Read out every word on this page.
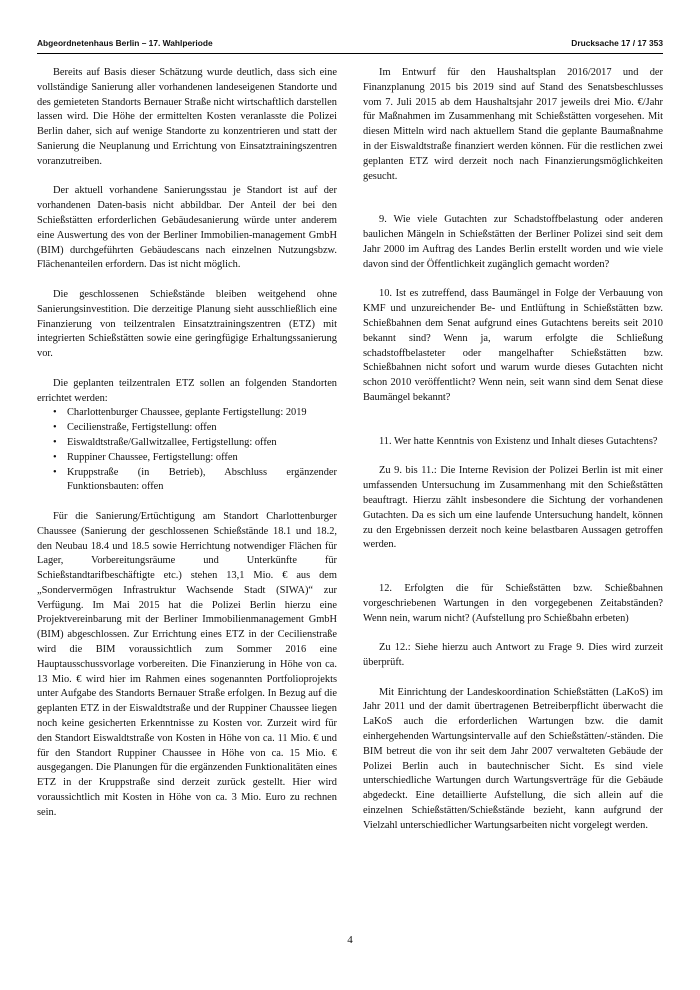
Abgeordnetenhaus Berlin – 17. Wahlperiode	Drucksache 17 / 17 353

Bereits auf Basis dieser Schätzung wurde deutlich, dass sich eine vollständige Sanierung aller vorhandenen landeseigenen Standorte und des gemieteten Standorts Bernauer Straße nicht wirtschaftlich darstellen lassen wird. Die Höhe der ermittelten Kosten veranlasste die Polizei Berlin daher, sich auf wenige Standorte zu konzentrieren und statt der Sanierung die Neuplanung und Errichtung von Einsatztrainingszentren voranzutreiben.

Der aktuell vorhandene Sanierungsstau je Standort ist auf der vorhandenen Daten-basis nicht abbildbar. Der Anteil der bei den Schießstätten erforderlichen Gebäudesanierung würde unter anderem eine Auswertung des von der Berliner Immobilien-management GmbH (BIM) durchgeführten Gebäudescans nach einzelnen Nutzungsbzw. Flächenanteilen erfordern. Das ist nicht möglich.

Die geschlossenen Schießstände bleiben weitgehend ohne Sanierungsinvestition. Die derzeitige Planung sieht ausschließlich eine Finanzierung von teilzentralen Einsatztrainingszentren (ETZ) mit integrierten Schießstätten sowie eine geringfügige Erhaltungssanierung vor.

Die geplanten teilzentralen ETZ sollen an folgenden Standorten errichtet werden:

• Charlottenburger Chaussee, geplante Fertigstellung: 2019
• Cecilienstraße, Fertigstellung: offen
• Eiswaldtstraße/Gallwitzallee, Fertigstellung: offen
• Ruppiner Chaussee, Fertigstellung: offen
• Kruppstraße (in Betrieb), Abschluss ergänzender Funktionsbauten: offen

Für die Sanierung/Ertüchtigung am Standort Charlottenburger Chaussee (Sanierung der geschlossenen Schießstände 18.1 und 18.2, den Neubau 18.4 und 18.5 sowie Herrichtung notwendiger Flächen für Lager, Vorbereitungsräume und Unterkünfte für Schießstandtarifbeschäftigte etc.) stehen 13,1 Mio. € aus dem „Sondervermögen Infrastruktur Wachsende Stadt (SIWA)“ zur Verfügung. Im Mai 2015 hat die Polizei Berlin hierzu eine Projektvereinbarung mit der Berliner Immobilienmanagement GmbH (BIM) abgeschlossen. Zur Errichtung eines ETZ in der Cecilienstraße wird die BIM voraussichtlich zum Sommer 2016 eine Hauptausschussvorlage vorbereiten. Die Finanzierung in Höhe von ca. 13 Mio. € wird hier im Rahmen eines sogenannten Portfolioprojekts unter Aufgabe des Standorts Bernauer Straße erfolgen. In Bezug auf die geplanten ETZ in der Eiswaldtstraße und der Ruppiner Chaussee liegen noch keine gesicherten Erkenntnisse zu Kosten vor. Zurzeit wird für den Standort Eiswaldtstraße von Kosten in Höhe von ca. 11 Mio. € und für den Standort Ruppiner Chaussee in Höhe von ca. 15 Mio. € ausgegangen. Die Planungen für die ergänzenden Funktionalitäten eines ETZ in der Kruppstraße sind derzeit zurück gestellt. Hier wird voraussichtlich mit Kosten in Höhe von ca. 3 Mio. Euro zu rechnen sein.

Im Entwurf für den Haushaltsplan 2016/2017 und der Finanzplanung 2015 bis 2019 sind auf Stand des Senatsbeschlusses vom 7. Juli 2015 ab dem Haushaltsjahr 2017 jeweils drei Mio. €/Jahr für Maßnahmen im Zusammenhang mit Schießstätten vorgesehen. Mit diesen Mitteln wird nach aktuellem Stand die geplante Baumaßnahme in der Eiswaldtstraße finanziert werden können. Für die restlichen zwei geplanten ETZ wird derzeit noch nach Finanzierungsmöglichkeiten gesucht.

9. Wie viele Gutachten zur Schadstoffbelastung oder anderen baulichen Mängeln in Schießstätten der Berliner Polizei sind seit dem Jahr 2000 im Auftrag des Landes Berlin erstellt worden und wie viele davon sind der Öffentlichkeit zugänglich gemacht worden?

10. Ist es zutreffend, dass Baumängel in Folge der Verbauung von KMF und unzureichender Be- und Entlüftung in Schießstätten bzw. Schießbahnen dem Senat aufgrund eines Gutachtens bereits seit 2010 bekannt sind? Wenn ja, warum erfolgte die Schließung schadstoffbelasteter oder mangelhafter Schießstätten bzw. Schießbahnen nicht sofort und warum wurde dieses Gutachten nicht schon 2010 veröffentlicht? Wenn nein, seit wann sind dem Senat diese Baumängel bekannt?

11. Wer hatte Kenntnis von Existenz und Inhalt dieses Gutachtens?

Zu 9. bis 11.: Die Interne Revision der Polizei Berlin ist mit einer umfassenden Untersuchung im Zusammenhang mit den Schießstätten beauftragt. Hierzu zählt insbesondere die Sichtung der vorhandenen Gutachten. Da es sich um eine laufende Untersuchung handelt, können zu den Ergebnissen derzeit noch keine belastbaren Aussagen getroffen werden.

12. Erfolgten die für Schießstätten bzw. Schießbahnen vorgeschriebenen Wartungen in den vorgegebenen Zeitabständen? Wenn nein, warum nicht? (Aufstellung pro Schießbahn erbeten)

Zu 12.: Siehe hierzu auch Antwort zu Frage 9. Dies wird zurzeit überprüft.

Mit Einrichtung der Landeskoordination Schießstätten (LaKoS) im Jahr 2011 und der damit übertragenen Betreiberpflicht überwacht die LaKoS auch die erforderlichen Wartungen bzw. die damit einhergehenden Wartungsintervalle auf den Schießstätten/-ständen. Die BIM betreut die von ihr seit dem Jahr 2007 verwalteten Gebäude der Polizei Berlin auch in bautechnischer Sicht. Es sind viele unterschiedliche Wartungen durch Wartungsverträge für die Gebäude abgedeckt. Eine detaillierte Aufstellung, die sich allein auf die einzelnen Schießstätten/Schießstände bezieht, kann aufgrund der Vielzahl unterschiedlicher Wartungsarbeiten nicht vorgelegt werden.

4
